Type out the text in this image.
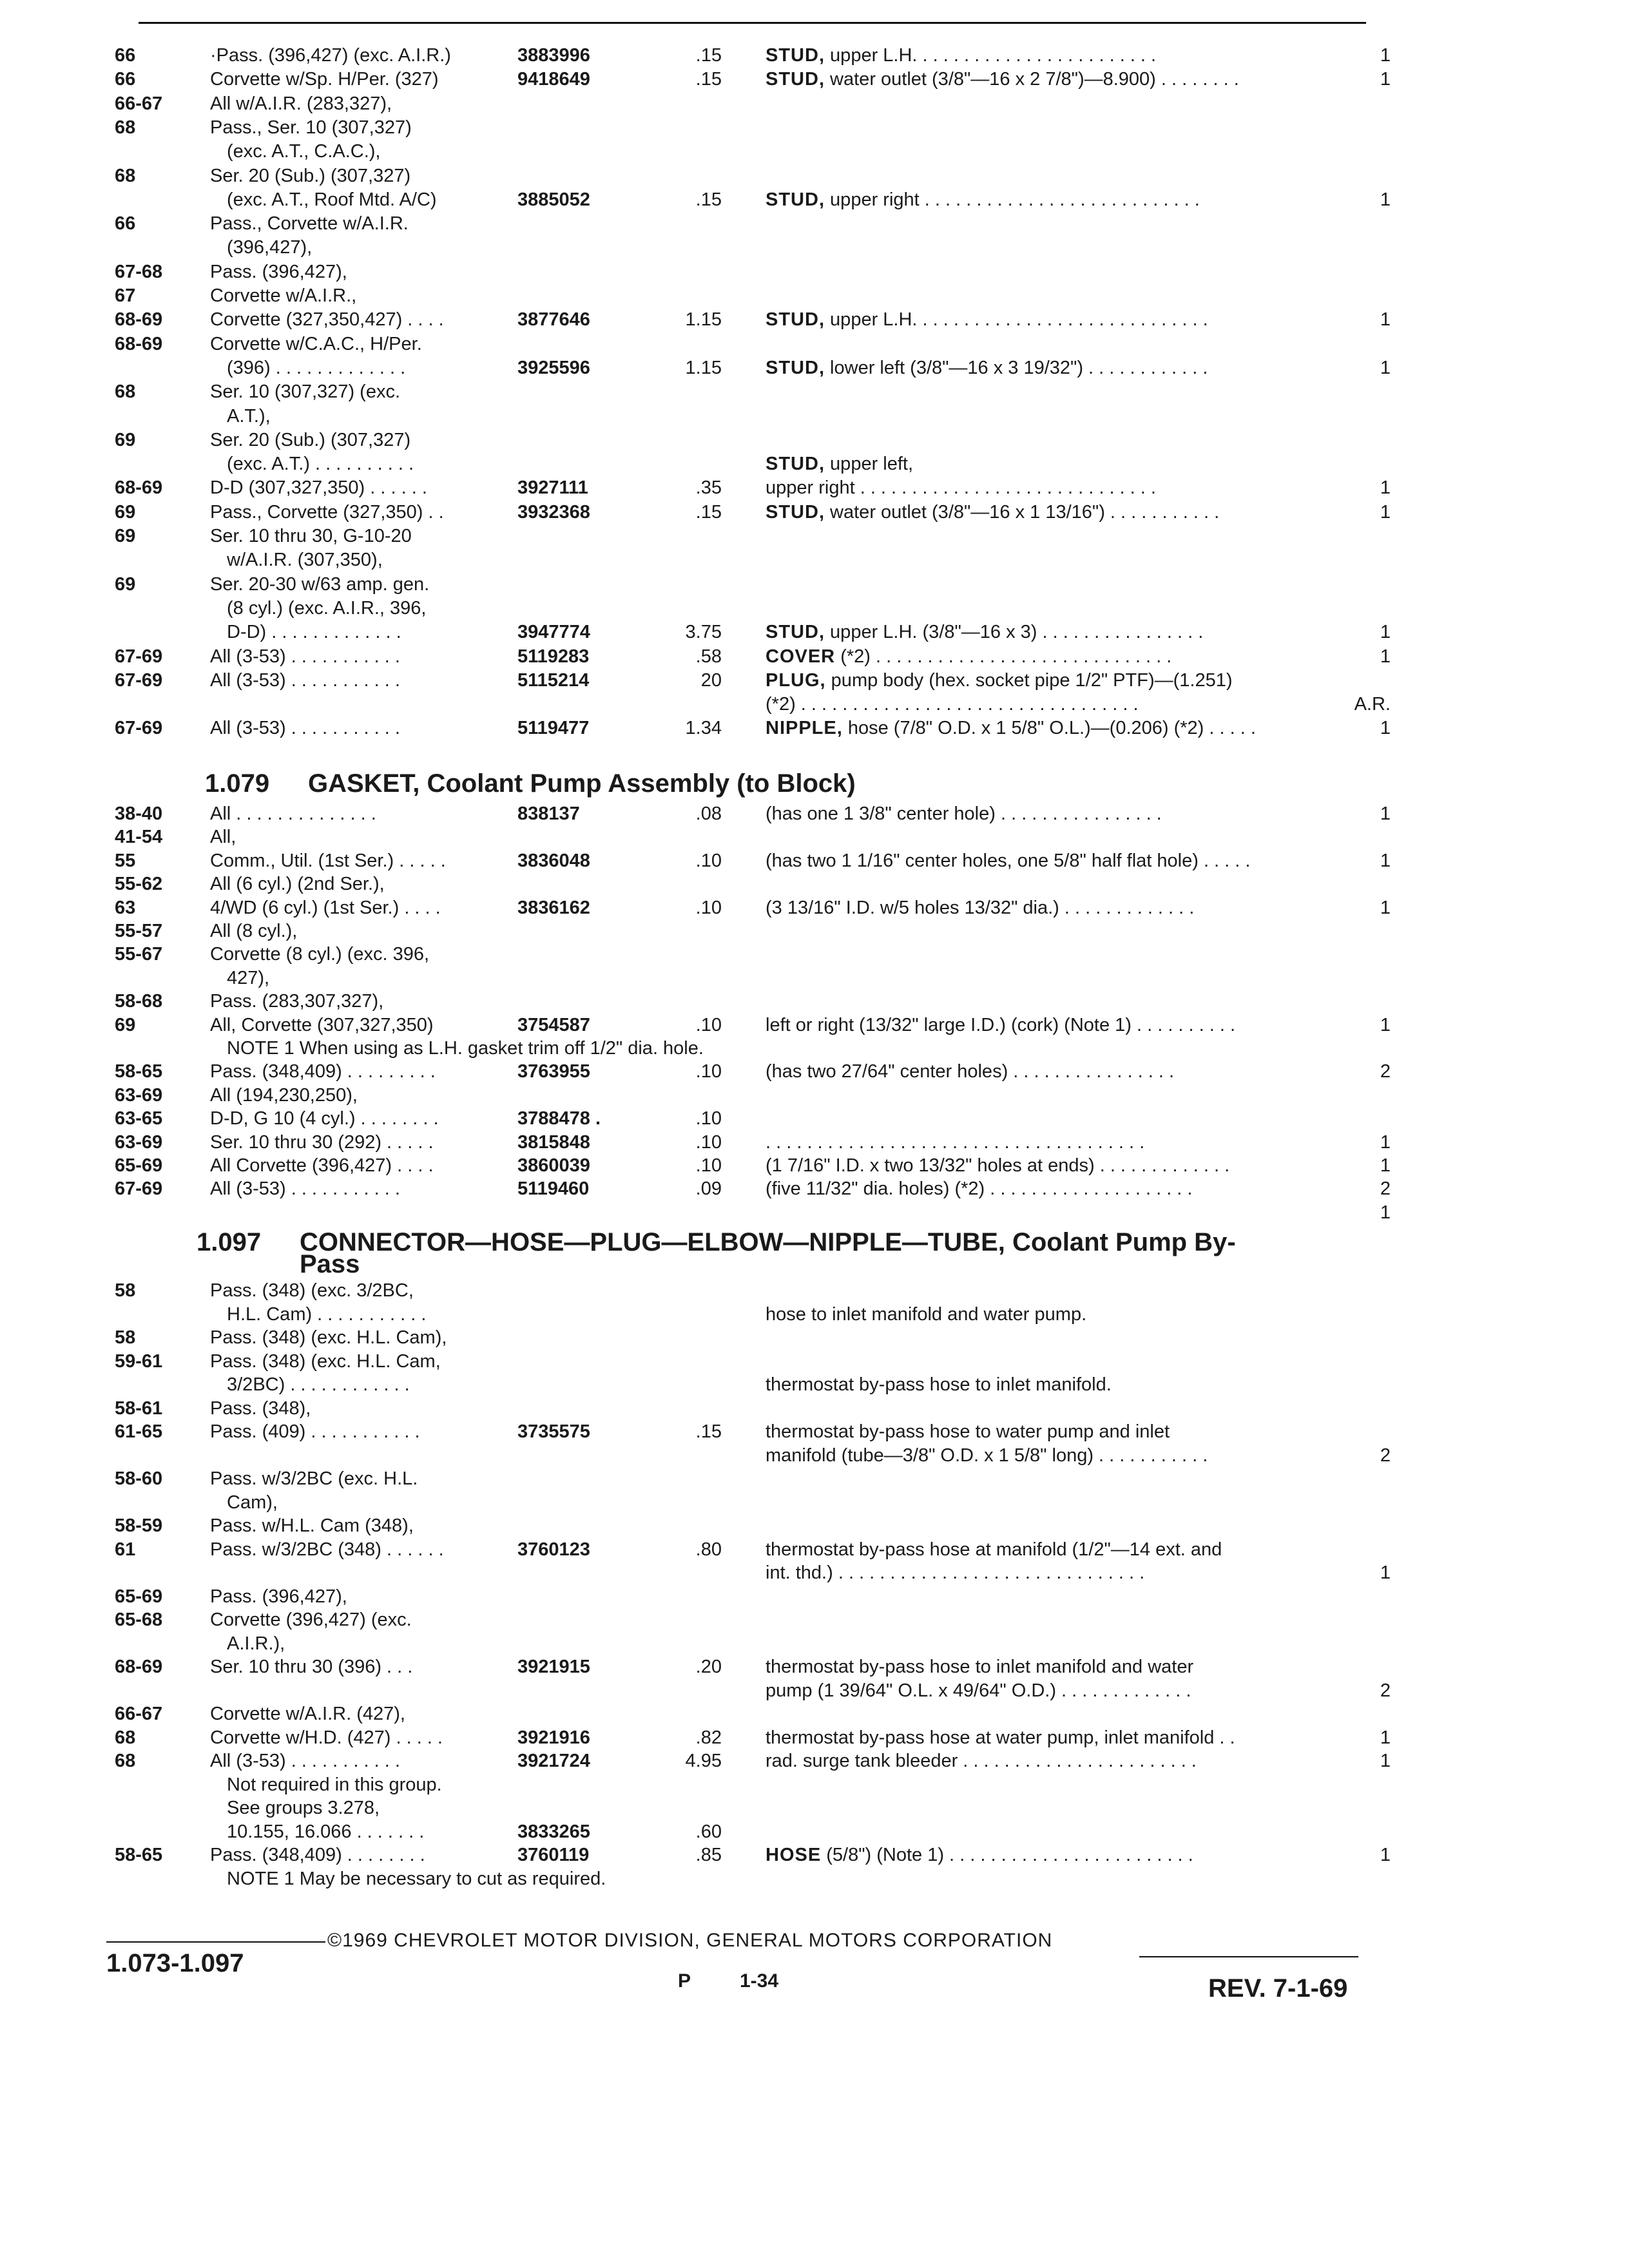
66	·Pass. (396,427) (exc. A.I.R.)	3883996	.15 STUD, upper L.H. . . . . . . . . . . . . . . . . . . . . . . .	1
66	Corvette w/Sp. H/Per. (327)	9418649	.15 STUD, water outlet (3/8"—16 x 2 7/8")—8.900) . . . . . . . .	1
66-67	All w/A.I.R. (283,327),
68	Pass., Ser. 10 (307,327)
(exc. A.T., C.A.C.),
68	Ser. 20 (Sub.) (307,327)
(exc. A.T., Roof Mtd. A/C)	3885052	.15 STUD, upper right . . . . . . . . . . . . . . . . . . . . . . . . . . .	1
66	Pass., Corvette w/A.I.R.
(396,427),
67-68	Pass. (396,427),
67	Corvette w/A.I.R.,
68-69	Corvette (327,350,427) . . . .	3877646	1.15 STUD, upper L.H. . . . . . . . . . . . . . . . . . . . . . . . . . . . .	1
68-69	Corvette w/C.A.C., H/Per.
(396) . . . . . . . . . . . . .	3925596	1.15 STUD, lower left (3/8"—16 x 3 19/32") . . . . . . . . . . . .	1
68	Ser. 10 (307,327) (exc.
A.T.),
69	Ser. 20 (Sub.) (307,327)
(exc. A.T.) . . . . . . . . . .	STUD, upper left,
68-69	D-D (307,327,350) . . . . . .	3927111	.35 upper right . . . . . . . . . . . . . . . . . . . . . . . . . . . . .	1
69	Pass., Corvette (327,350) . .	3932368	.15 STUD, water outlet (3/8"—16 x 1 13/16") . . . . . . . . . . .	1
69	Ser. 10 thru 30, G-10-20
w/A.I.R. (307,350),
69	Ser. 20-30 w/63 amp. gen.
(8 cyl.) (exc. A.I.R., 396,
D-D) . . . . . . . . . . . . .	3947774	3.75 STUD, upper L.H. (3/8"—16 x 3) . . . . . . . . . . . . . . . .	1
67-69	All (3-53) . . . . . . . . . . .	5119283	.58 COVER (*2) . . . . . . . . . . . . . . . . . . . . . . . . . . . . .	1
67-69	All (3-53) . . . . . . . . . . .	5115214	20 PLUG, pump body (hex. socket pipe 1/2" PTF)—(1.251)
(*2) . . . . . . . . . . . . . . . . . . . . . . . . . . . . . . . . .	A.R.
67-69	All (3-53) . . . . . . . . . . .	5119477	1.34 NIPPLE, hose (7/8" O.D. x 1 5/8" O.L.)—(0.206) (*2) . . . . .	1
1.079 GASKET, Coolant Pump Assembly (to Block)
38-40	All . . . . . . . . . . . . . .	838137	.08 (has one 1 3/8" center hole) . . . . . . . . . . . . . . . .	1
41-54	All,
55	Comm., Util. (1st Ser.) . . . . .	3836048	.10 (has two 1 1/16" center holes, one 5/8" half flat hole) . . . . .	1
55-62	All (6 cyl.) (2nd Ser.),
63	4/WD (6 cyl.) (1st Ser.) . . . .	3836162	.10 (3 13/16" I.D. w/5 holes 13/32" dia.) . . . . . . . . . . . . .	1
55-57	All (8 cyl.),
55-67	Corvette (8 cyl.) (exc. 396,
427),
58-68	Pass. (283,307,327),
69	All, Corvette (307,327,350)	3754587	.10 left or right (13/32" large I.D.) (cork) (Note 1) . . . . . . . . . .	1
NOTE 1 When using as L.H. gasket trim off 1/2" dia. hole.
58-65	Pass. (348,409) . . . . . . . . .	3763955	.10 (has two 27/64" center holes) . . . . . . . . . . . . . . . .	2
63-69	All (194,230,250),
63-65	D-D, G 10 (4 cyl.) . . . . . . . .	3788478 .	.10
63-69	Ser. 10 thru 30 (292) . . . . .	3815848	.10 . . . . . . . . . . . . . . . . . . . . . . . . . . . . . . . . . . . . .	1
65-69	All Corvette (396,427) . . . .	3860039	.10 (1 7/16" I.D. x two 13/32" holes at ends) . . . . . . . . . . . . .	1
67-69	All (3-53) . . . . . . . . . . .	5119460	.09 (five 11/32" dia. holes) (*2) . . . . . . . . . . . . . . . . . . . .	2
1
1.097 CONNECTOR—HOSE—PLUG—ELBOW—NIPPLE—TUBE, Coolant Pump By-
Pass
58	Pass. (348) (exc. 3/2BC,
H.L. Cam) . . . . . . . . . . .	hose to inlet manifold and water pump.
58	Pass. (348) (exc. H.L. Cam),
59-61	Pass. (348) (exc. H.L. Cam,
3/2BC) . . . . . . . . . . . .	thermostat by-pass hose to inlet manifold.
58-61	Pass. (348),
61-65	Pass. (409) . . . . . . . . . . .	3735575	.15 thermostat by-pass hose to water pump and inlet
manifold (tube—3/8" O.D. x 1 5/8" long) . . . . . . . . . . .	2
58-60	Pass. w/3/2BC (exc. H.L.
Cam),
58-59	Pass. w/H.L. Cam (348),
61	Pass. w/3/2BC (348) . . . . . .	3760123	.80 thermostat by-pass hose at manifold (1/2"—14 ext. and
int. thd.) . . . . . . . . . . . . . . . . . . . . . . . . . . . . . .	1
65-69	Pass. (396,427),
65-68	Corvette (396,427) (exc.
A.I.R.),
68-69	Ser. 10 thru 30 (396) . . .	3921915	.20 thermostat by-pass hose to inlet manifold and water
pump (1 39/64" O.L. x 49/64" O.D.) . . . . . . . . . . . . .	2
66-67	Corvette w/A.I.R. (427),
68	Corvette w/H.D. (427) . . . . .	3921916	.82 thermostat by-pass hose at water pump, inlet manifold . .	1
68	All (3-53) . . . . . . . . . . .	3921724	4.95 rad. surge tank bleeder . . . . . . . . . . . . . . . . . . . . . . .	1
Not required in this group.
See groups 3.278,
10.155, 16.066 . . . . . . .	3833265	.60
58-65	Pass. (348,409) . . . . . . . .	3760119	.85 HOSE (5/8") (Note 1) . . . . . . . . . . . . . . . . . . . . . . . .	1
NOTE 1 May be necessary to cut as required.
©1969 CHEVROLET MOTOR DIVISION, GENERAL MOTORS CORPORATION
1.073-1.097
P	1-34	REV. 7-1-69
